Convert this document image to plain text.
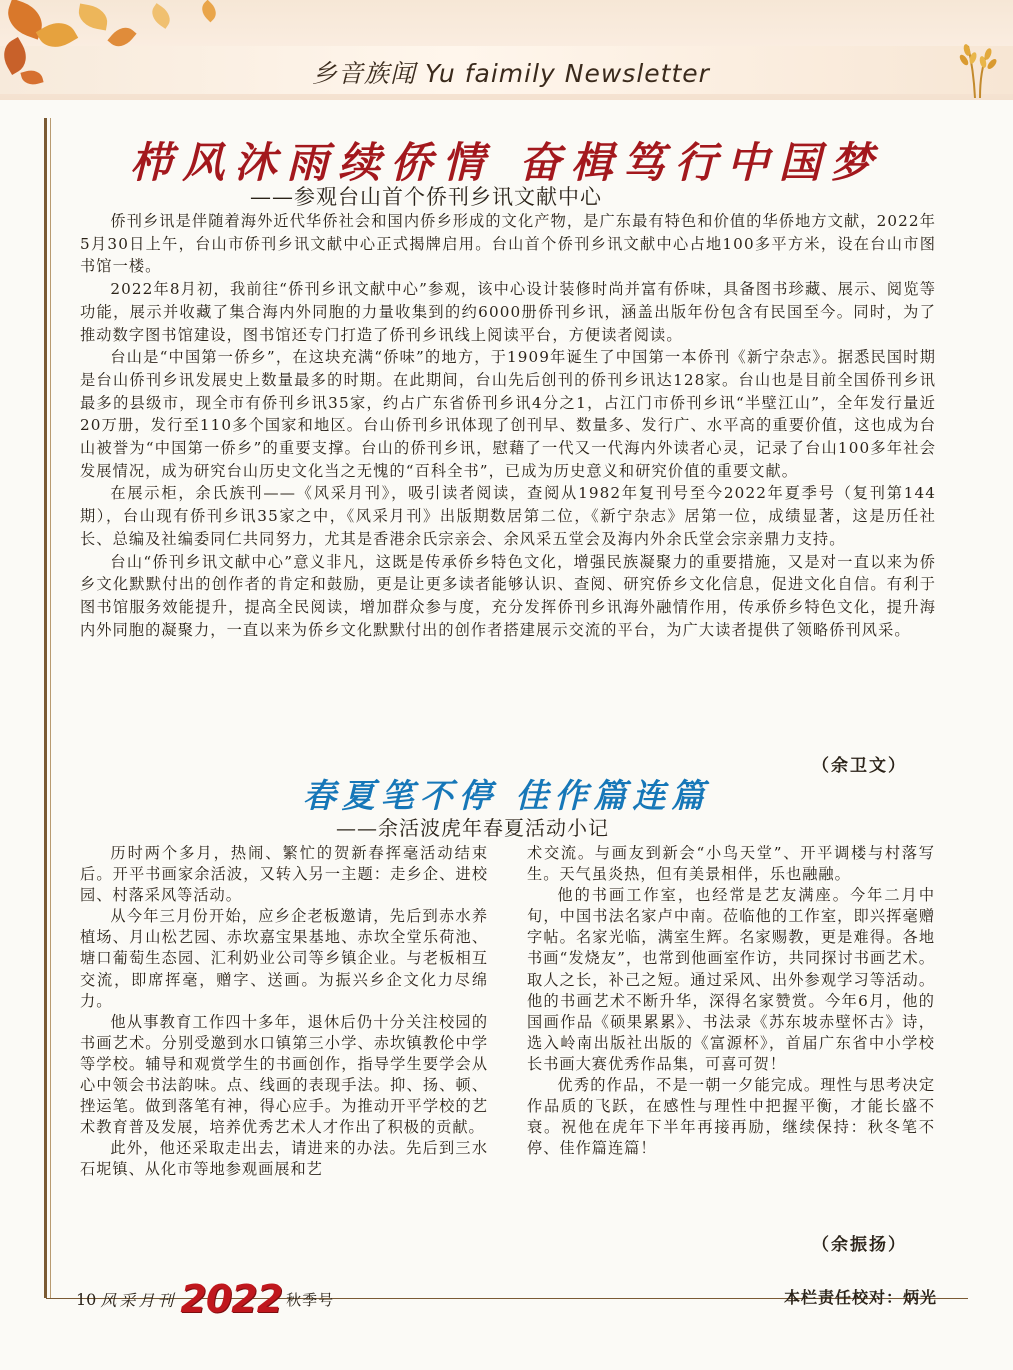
乡音族闻 Yu faimily Newsletter
栉风沐雨续侨情 奋楫笃行中国梦
——参观台山首个侨刊乡讯文献中心

侨刊乡讯是伴随着海外近代华侨社会和国内侨乡形成的文化产物，是广东最有特色和价值的华侨地方文献，2022年5月30日上午，台山市侨刊乡讯文献中心正式揭牌启用。台山首个侨刊乡讯文献中心占地100多平方米，设在台山市图书馆一楼。

2022年8月初，我前往“侨刊乡讯文献中心”参观，该中心设计装修时尚并富有侨味，具备图书珍藏、展示、阅览等功能，展示并收藏了集合海内外同胞的力量收集到的约6000册侨刊乡讯，涵盖出版年份包含有民国至今。同时，为了推动数字图书馆建设，图书馆还专门打造了侨刊乡讯线上阅读平台，方便读者阅读。

台山是“中国第一侨乡”，在这块充满“侨味”的地方，于1909年诞生了中国第一本侨刊《新宁杂志》。据悉民国时期是台山侨刊乡讯发展史上数量最多的时期。在此期间，台山先后创刊的侨刊乡讯达128家。台山也是目前全国侨刊乡讯最多的县级市，现全市有侨刊乡讯35家，约占广东省侨刊乡讯4分之1，占江门市侨刊乡讯“半壁江山”，全年发行量近20万册，发行至110多个国家和地区。台山侨刊乡讯体现了创刊早、数量多、发行广、水平高的重要价值，这也成为台山被誉为“中国第一侨乡”的重要支撑。台山的侨刊乡讯，慰藉了一代又一代海内外读者心灵，记录了台山100多年社会发展情况，成为研究台山历史文化当之无愧的“百科全书”，已成为历史意义和研究价值的重要文献。

在展示柜，余氏族刊——《风采月刊》，吸引读者阅读，查阅从1982年复刊号至今2022年夏季号（复刊第144期），台山现有侨刊乡讯35家之中，《风采月刊》出版期数居第二位，《新宁杂志》居第一位，成绩显著，这是历任社长、总编及社编委同仁共同努力，尤其是香港余氏宗亲会、余风采五堂会及海内外余氏堂会宗亲鼎力支持。

台山“侨刊乡讯文献中心”意义非凡，这既是传承侨乡特色文化，增强民族凝聚力的重要措施，又是对一直以来为侨乡文化默默付出的创作者的肯定和鼓励，更是让更多读者能够认识、查阅、研究侨乡文化信息，促进文化自信。有利于图书馆服务效能提升，提高全民阅读，增加群众参与度，充分发挥侨刊乡讯海外融情作用，传承侨乡特色文化，提升海内外同胞的凝聚力，一直以来为侨乡文化默默付出的创作者搭建展示交流的平台，为广大读者提供了领略侨刊风采。

（余卫文）
春夏笔不停 佳作篇连篇
——余活波虎年春夏活动小记

历时两个多月，热闹、繁忙的贺新春挥毫活动结束后。开平书画家余活波，又转入另一主题：走乡企、进校园、村落采风等活动。

从今年三月份开始，应乡企老板邀请，先后到赤水养植场、月山松艺园、赤坎嘉宝果基地、赤坎全堂乐荷池、塘口葡萄生态园、汇利奶业公司等乡镇企业。与老板相互交流，即席挥毫，赠字、送画。为振兴乡企文化力尽绵力。

他从事教育工作四十多年，退休后仍十分关注校园的书画艺术。分别受邀到水口镇第三小学、赤坎镇教伦中学等学校。辅导和观赏学生的书画创作，指导学生要学会从心中领会书法韵味。点、线画的表现手法。抑、扬、顿、挫运笔。做到落笔有神，得心应手。为推动开平学校的艺术教育普及发展，培养优秀艺术人才作出了积极的贡献。

此外，他还采取走出去，请进来的办法。先后到三水石坭镇、从化市等地参观画展和艺

术交流。与画友到新会“小鸟天堂”、开平调楼与村落写生。天气虽炎热，但有美景相伴，乐也融融。

他的书画工作室，也经常是艺友满座。今年二月中旬，中国书法名家卢中南。莅临他的工作室，即兴挥毫赠字帖。名家光临，满室生辉。名家赐教，更是难得。各地书画“发烧友”，也常到他画室作访，共同探讨书画艺术。取人之长，补己之短。通过采风、出外参观学习等活动。他的书画艺术不断升华，深得名家赞赏。今年6月，他的国画作品《硕果累累》、书法录《苏东坡赤壁怀古》诗，选入岭南出版社出版的《富源杯》，首届广东省中小学校长书画大赛优秀作品集，可喜可贺！

优秀的作品，不是一朝一夕能完成。理性与思考决定作品质的飞跃，在感性与理性中把握平衡，才能长盛不衰。祝他在虎年下半年再接再励，继续保持：秋冬笔不停、佳作篇连篇！

（余振扬）
10 风采月刊 2022 秋季号	本栏责任校对：炳光
